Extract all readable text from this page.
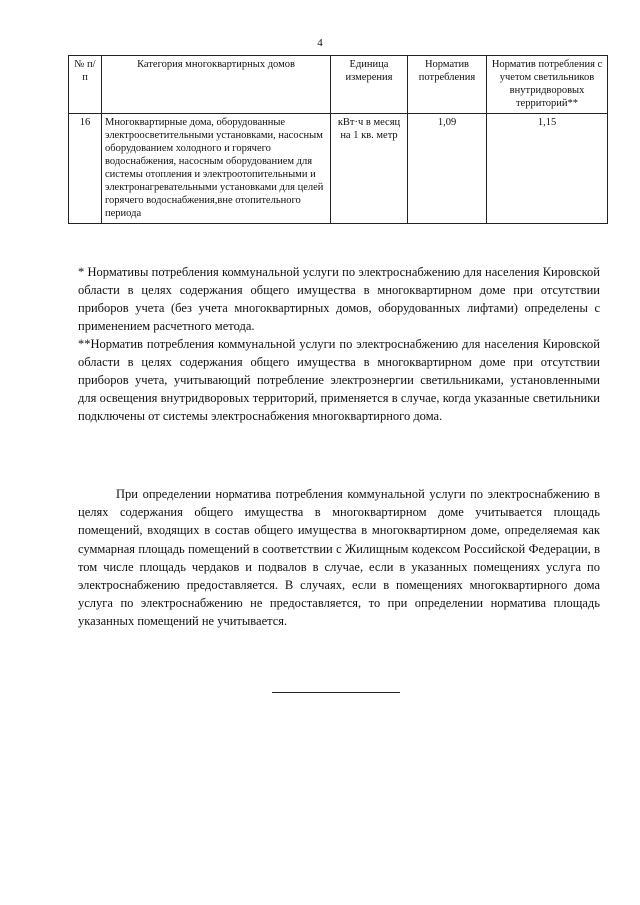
4
№ п/п	Категория многоквартирных домов	Единица измерения	Норматив потребления	Норматив потребления с учетом светильников внутридворовых территорий**
16	Многоквартирные дома, оборудованные электроосветительными установками, насосным оборудованием холодного и горячего водоснабжения, насосным оборудованием для системы отопления и электроотопительными и электронагревательными установками для целей горячего водоснабжения,вне отопительного периода	кВт·ч в месяц на 1 кв. метр	1,09	1,15

* Нормативы потребления коммунальной услуги по электроснабжению для населения Кировской области в целях содержания общего имущества в многоквартирном доме при отсутствии приборов учета (без учета многоквартирных домов, оборудованных лифтами) определены с применением расчетного метода.

**Норматив потребления коммунальной услуги по электроснабжению для населения Кировской области в целях содержания общего имущества в многоквартирном доме при отсутствии приборов учета, учитывающий потребление электроэнергии светильниками, установленными для освещения внутридворовых территорий, применяется в случае, когда указанные светильники подключены от системы электроснабжения многоквартирного дома.

При определении норматива потребления коммунальной услуги по электроснабжению в целях содержания общего имущества в многоквартирном доме учитывается площадь помещений, входящих в состав общего имущества в многоквартирном доме, определяемая как суммарная площадь помещений в соответствии с Жилищным кодексом Российской Федерации, в том числе площадь чердаков и подвалов в случае, если в указанных помещениях услуга по электроснабжению предоставляется. В случаях, если в помещениях многоквартирного дома услуга по электроснабжению не предоставляется, то при определении норматива площадь указанных помещений не учитывается.
